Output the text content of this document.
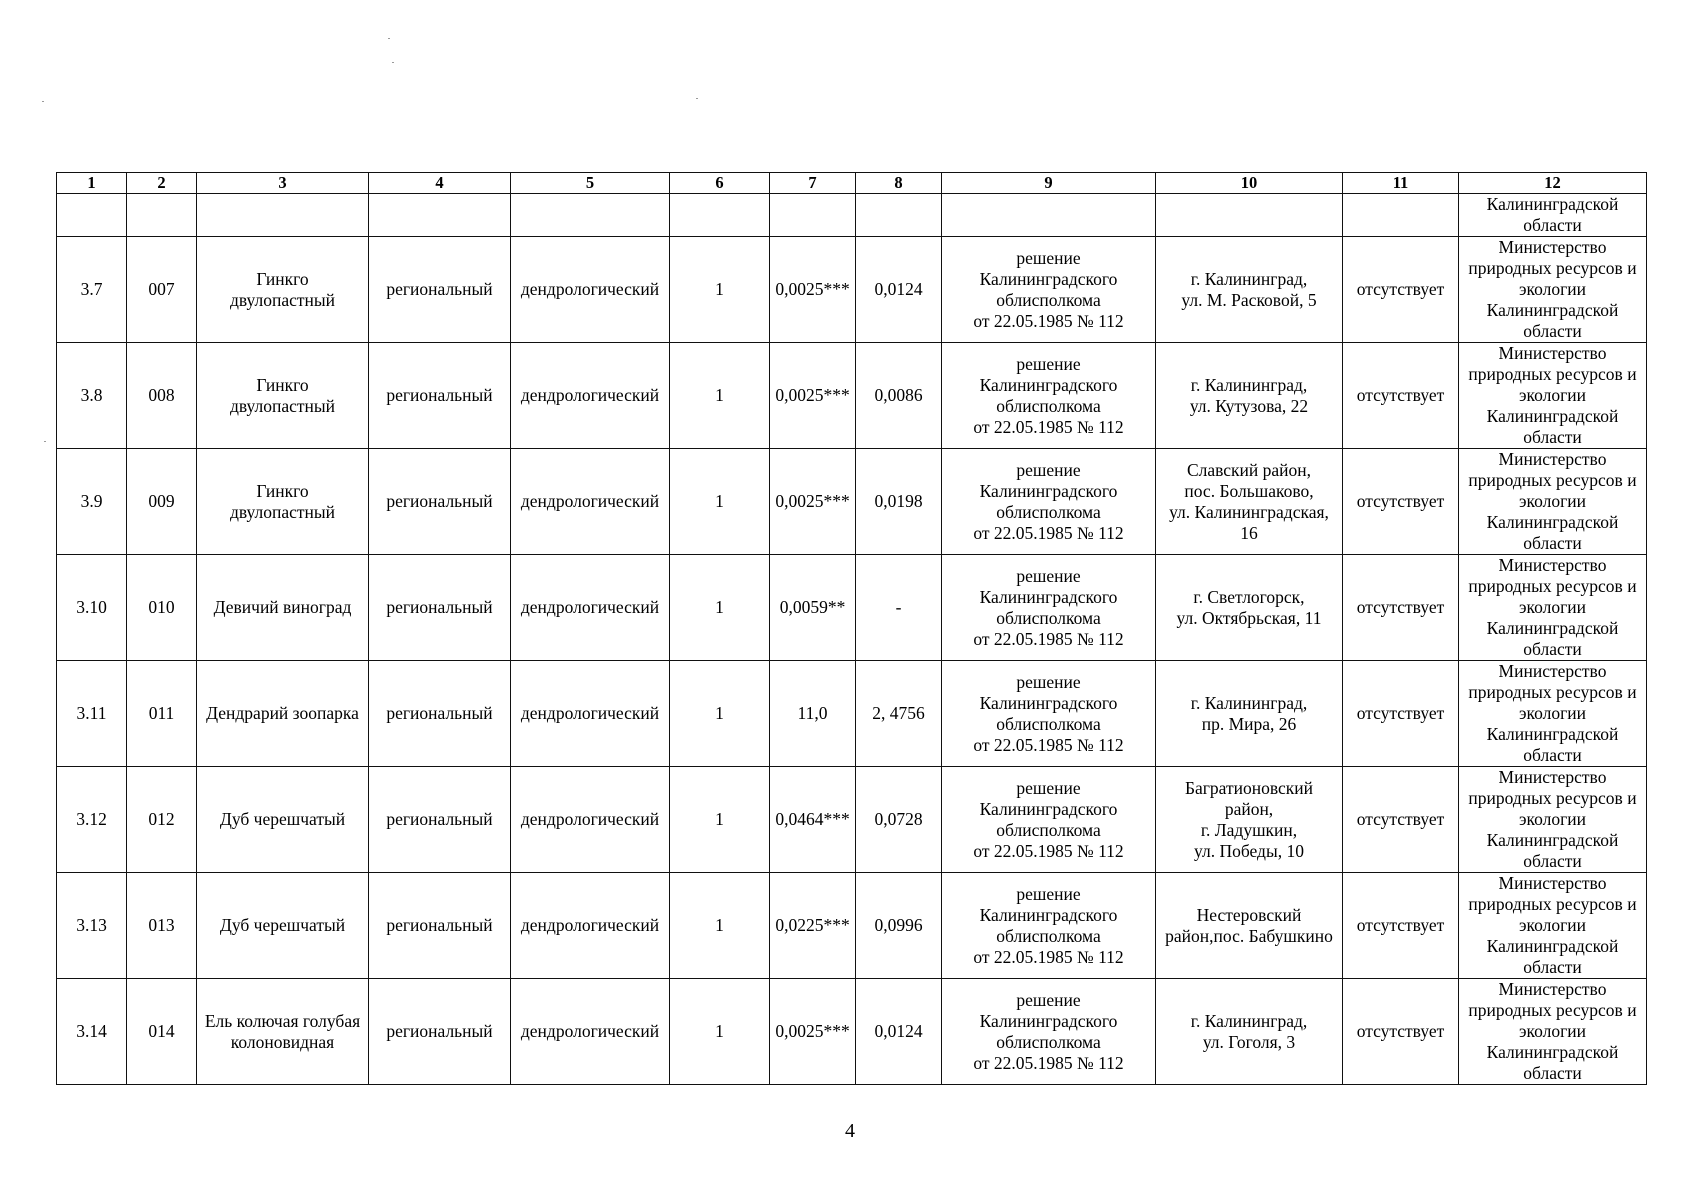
1	2	3	4	5	6	7	8	9	10	11	12

											Калининградской
области

3.7	007	Гинкго
двулопастный	региональный	дендрологический	1	0,0025***	0,0124	решение
Калининградского
облисполкома
от 22.05.1985 № 112	г. Калининград,
ул. М. Расковой, 5	отсутствует	Министерство
природных ресурсов и
экологии
Калининградской
области

3.8	008	Гинкго
двулопастный	региональный	дендрологический	1	0,0025***	0,0086	решение
Калининградского
облисполкома
от 22.05.1985 № 112	г. Калининград,
ул. Кутузова, 22	отсутствует	Министерство
природных ресурсов и
экологии
Калининградской
области

3.9	009	Гинкго
двулопастный	региональный	дендрологический	1	0,0025***	0,0198	решение
Калининградского
облисполкома
от 22.05.1985 № 112	Славский район,
пос. Большаково,
ул. Калининградская,
16	отсутствует	Министерство
природных ресурсов и
экологии
Калининградской
области

3.10	010	Девичий виноград	региональный	дендрологический	1	0,0059**	-	решение
Калининградского
облисполкома
от 22.05.1985 № 112	г. Светлогорск,
ул. Октябрьская, 11	отсутствует	Министерство
природных ресурсов и
экологии
Калининградской
области

3.11	011	Дендрарий зоопарка	региональный	дендрологический	1	11,0	2, 4756	решение
Калининградского
облисполкома
от 22.05.1985 № 112	г. Калининград,
пр. Мира, 26	отсутствует	Министерство
природных ресурсов и
экологии
Калининградской
области

3.12	012	Дуб черешчатый	региональный	дендрологический	1	0,0464***	0,0728	решение
Калининградского
облисполкома
от 22.05.1985 № 112	Багратионовский
район,
г. Ладушкин,
ул. Победы, 10	отсутствует	Министерство
природных ресурсов и
экологии
Калининградской
области

3.13	013	Дуб черешчатый	региональный	дендрологический	1	0,0225***	0,0996	решение
Калининградского
облисполкома
от 22.05.1985 № 112	Нестеровский
район,пос. Бабушкино	отсутствует	Министерство
природных ресурсов и
экологии
Калининградской
области

3.14	014	Ель колючая голубая
колоновидная	региональный	дендрологический	1	0,0025***	0,0124	решение
Калининградского
облисполкома
от 22.05.1985 № 112	г. Калининград,
ул. Гоголя, 3	отсутствует	Министерство
природных ресурсов и
экологии
Калининградской
области
4
